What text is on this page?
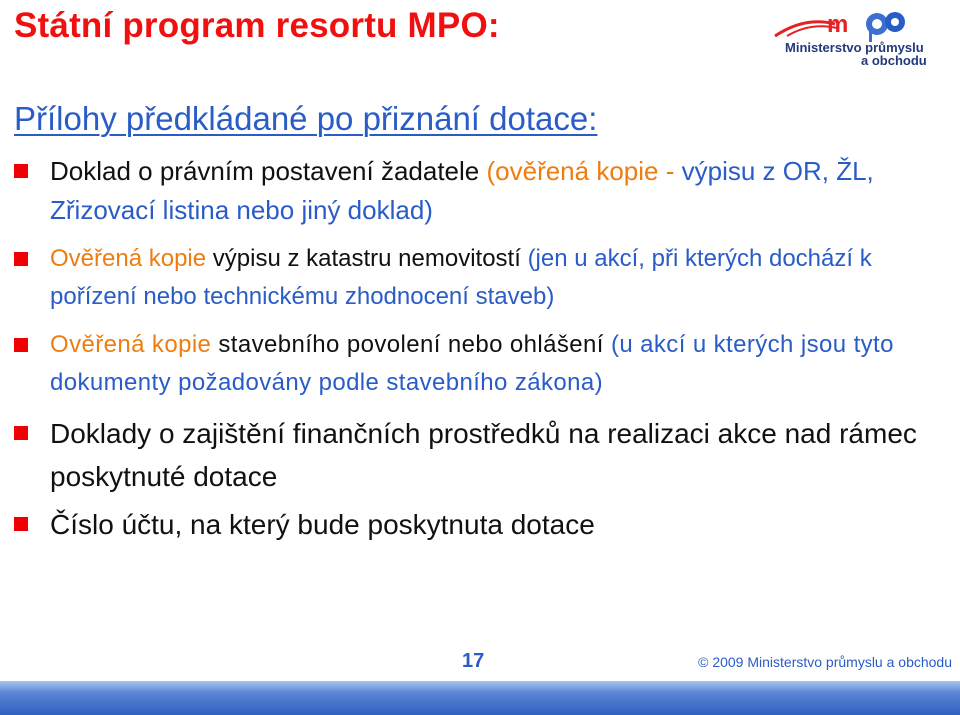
Státní program resortu MPO:	m
Ministerstvo průmyslu
a obchodu
Přílohy předkládané po přiznání dotace:
Doklad o právním postavení žadatele (ověřená kopie - výpisu z OR, ŽL, Zřizovací listina nebo jiný doklad)
Ověřená kopie výpisu z katastru nemovitostí (jen u akcí, při kterých dochází k pořízení nebo technickému zhodnocení staveb)
Ověřená kopie stavebního povolení nebo ohlášení (u akcí u kterých jsou tyto dokumenty požadovány podle stavebního zákona)
Doklady o zajištění finančních prostředků na realizaci akce nad rámec poskytnuté dotace
Číslo účtu, na který bude poskytnuta dotace
17	© 2009 Ministerstvo průmyslu a obchodu
